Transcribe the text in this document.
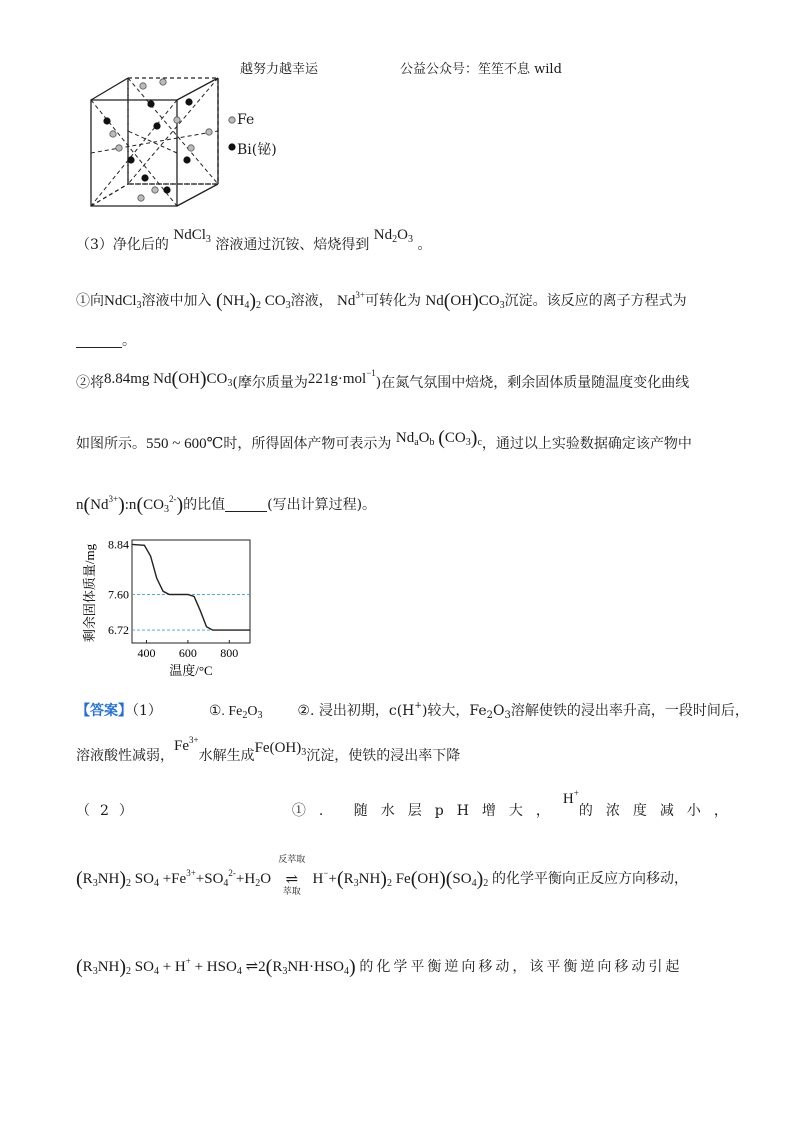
越努力越幸运	公益公众号：笙笙不息 wild
Fe
Bi(铋)
（3）净化后的 NdCl$_3$ 溶液通过沉铵、焙烧得到 $Nd_2O_3$ 。
①向NdCl$_3$溶液中加入 $(NH_4)_2$ $CO_3$溶液， $Nd^{3+}$可转化为 $Nd(OH)CO_3$沉淀。该反应的离子方程式为
。
②将8.84mg $Nd(OH)CO_3$(摩尔质量为221g·mol$^{-1}$)在氮气氛围中焙烧，剩余固体质量随温度变化曲线
如图所示。550 ~ 600℃时，所得固体产物可表示为 $Nd_aO_b$ $(CO_3)_c$，通过以上实验数据确定该产物中
$n(Nd^{3+}):n(CO_3^{2-})$的比值	(写出计算过程)。
8.84
7.60
6.72
400 600 800
剩余固体质量/mg
温度/°C
【答案】（1）	①. $Fe_2O_3$ ②. 浸出初期，c(H+)较大，$Fe_2O_3$溶解使铁的浸出率升高，一段时间后，
溶液酸性减弱，$Fe^{3+}$水解生成$Fe(OH)_3$沉淀，使铁的浸出率下降
（2）	①. 随水层pH增大，H+的浓度减小，
$(R_3NH)_2$ $SO_4 +Fe^{3+}+SO_4^{2-}+H_2O$
反萃取
⇌
萃取
$H^-+(R_3NH)_2$ $Fe(OH)(SO_4)_2$ 的化学平衡向正反应方向移动，
$(R_3NH)_2$ $SO_4 + H^+ + HSO_4$ $\rightleftharpoons 2(R_3NH\cdot HSO_4)$ 的化学平衡逆向移动，该平衡逆向移动引起
